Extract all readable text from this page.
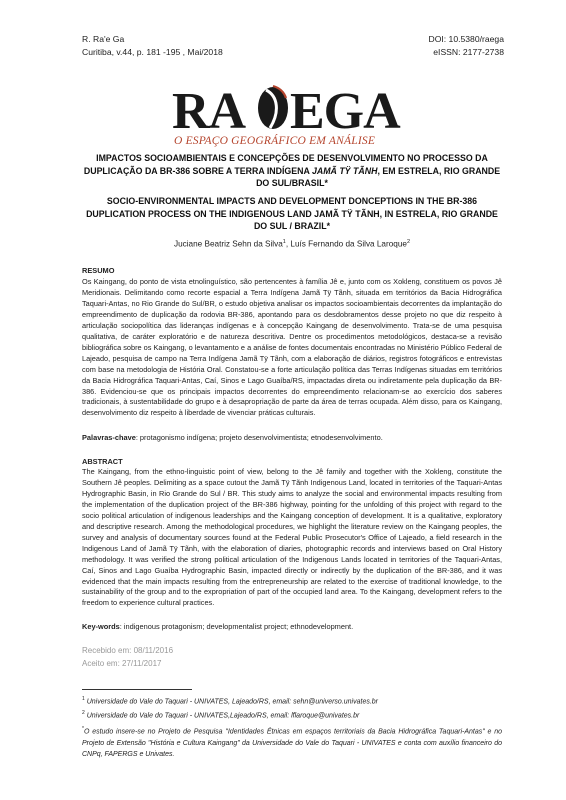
R. Ra'e Ga
Curitiba, v.44, p. 181 -195 , Mai/2018
DOI: 10.5380/raega
eISSN: 2177-2738
RA EGA
O ESPAÇO GEOGRÁFICO EM ANÁLISE
IMPACTOS SOCIOAMBIENTAIS E CONCEPÇÕES DE DESENVOLVIMENTO NO PROCESSO DA DUPLICAÇÃO DA BR-386 SOBRE A TERRA INDÍGENA JAMÃ TŸ TÃNH, EM ESTRELA, RIO GRANDE DO SUL/BRASIL*
SOCIO-ENVIRONMENTAL IMPACTS AND DEVELOPMENT DONCEPTIONS IN THE BR-386 DUPLICATION PROCESS ON THE INDIGENOUS LAND JAMÃ TŸ TÃNH, IN ESTRELA, RIO GRANDE DO SUL / BRAZIL*
Juciane Beatriz Sehn da Silva$^1$, Luís Fernando da Silva Laroque$^2$
RESUMO
Os Kaingang, do ponto de vista etnolinguístico, são pertencentes à família Jê e, junto com os Xokleng, constituem os povos Jê Meridionais. Delimitando como recorte espacial a Terra Indígena Jamã Tÿ Tãnh, situada em territórios da Bacia Hidrográfica Taquari-Antas, no Rio Grande do Sul/BR, o estudo objetiva analisar os impactos socioambientais decorrentes da implantação do empreendimento de duplicação da rodovia BR-386, apontando para os desdobramentos desse projeto no que diz respeito à articulação sociopolítica das lideranças indígenas e à concepção Kaingang de desenvolvimento. Trata-se de uma pesquisa qualitativa, de caráter exploratório e de natureza descritiva. Dentre os procedimentos metodológicos, destaca-se a revisão bibliográfica sobre os Kaingang, o levantamento e a análise de fontes documentais encontradas no Ministério Público Federal de Lajeado, pesquisa de campo na Terra Indígena Jamã Tÿ Tãnh, com a elaboração de diários, registros fotográficos e entrevistas com base na metodologia de História Oral. Constatou-se a forte articulação política das Terras Indígenas situadas em territórios da Bacia Hidrográfica Taquari-Antas, Caí, Sinos e Lago Guaíba/RS, impactadas direta ou indiretamente pela duplicação da BR-386. Evidenciou-se que os principais impactos decorrentes do empreendimento relacionam-se ao exercício dos saberes tradicionais, à sustentabilidade do grupo e à desapropriação de parte da área de terras ocupada. Além disso, para os Kaingang, desenvolvimento diz respeito à liberdade de vivenciar práticas culturais.
Palavras-chave: protagonismo indígena; projeto desenvolvimentista; etnodesenvolvimento.
ABSTRACT
The Kaingang, from the ethno-linguistic point of view, belong to the Jê family and together with the Xokleng, constitute the Southern Jê peoples. Delimiting as a space cutout the Jamã Tÿ Tãnh Indigenous Land, located in territories of the Taquari-Antas Hydrographic Basin, in Rio Grande do Sul / BR. This study aims to analyze the social and environmental impacts resulting from the implementation of the duplication project of the BR-386 highway, pointing for the unfolding of this project with regard to the socio political articulation of indigenous leaderships and the Kaingang conception of development. It is a qualitative, exploratory and descriptive research. Among the methodological procedures, we highlight the literature review on the Kaingang peoples, the survey and analysis of documentary sources found at the Federal Public Prosecutor's Office of Lajeado, a field research in the Indigenous Land of Jamã Tÿ Tãnh, with the elaboration of diaries, photographic records and interviews based on Oral History methodology. It was verified the strong political articulation of the Indigenous Lands located in territories of the Taquari-Antas, Caí, Sinos and Lago Guaíba Hydrographic Basin, impacted directly or indirectly by the duplication of the BR-386, and it was evidenced that the main impacts resulting from the entrepreneurship are related to the exercise of traditional knowledge, to the sustainability of the group and to the expropriation of part of the occupied land area. To the Kaingang, development refers to the freedom to experience cultural practices.
Key-words: indigenous protagonism; developmentalist project; ethnodevelopment.
Recebido em: 08/11/2016
Aceito em: 27/11/2017
$^1$ Universidade do Vale do Taquari - UNIVATES, Lajeado/RS, email: sehn@universo.univates.br
$^2$ Universidade do Vale do Taquari - UNIVATES,Lajeado/RS, email: lflaroque@univates.br
*O estudo insere-se no Projeto de Pesquisa "Identidades Étnicas em espaços territoriais da Bacia Hidrográfica Taquari-Antas" e no Projeto de Extensão "História e Cultura Kaingang" da Universidade do Vale do Taquari - UNIVATES e conta com auxílio financeiro do CNPq, FAPERGS e Univates.
